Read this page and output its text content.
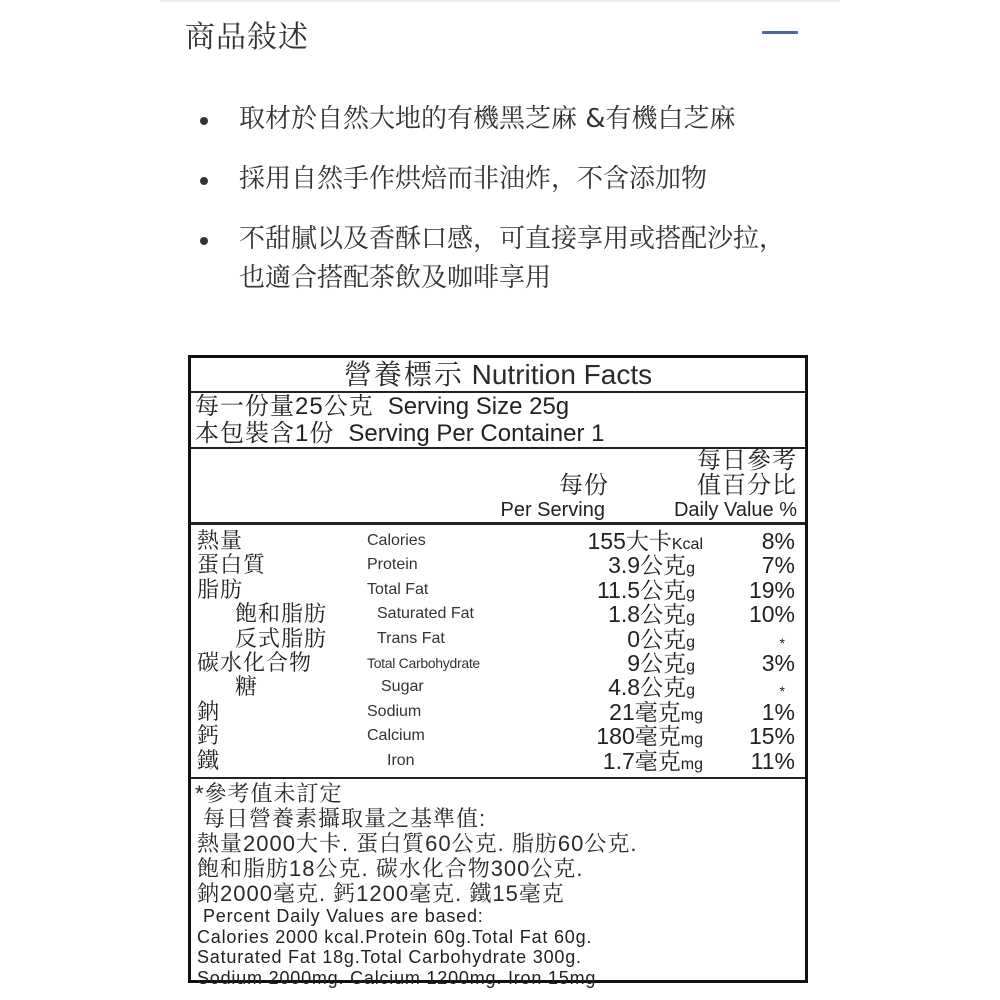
商品敍述
取材於自然大地的有機黑芝麻 &有機白芝麻
採用自然手作烘焙而非油炸，不含添加物
不甜膩以及香酥口感，可直接享用或搭配沙拉，也適合搭配茶飲及咖啡享用
營養標示 Nutrition Facts
每一份量25公克 Serving Size 25g
本包裝含1份 Serving Per Container 1
每日參考
每份	值百分比
Per Serving	Daily Value %
熱量	Calories	155大卡Kcal	8%
蛋白質	Protein	3.9公克g	7%
脂肪	Total Fat	11.5公克g 19%
飽和脂肪	Saturated Fat	1.8公克g 10%
反式脂肪	Trans Fat	0公克g	*
碳水化合物	Total Carbohydrate	9公克g	3%
糖	Sugar	4.8公克g	*
鈉	Sodium	21毫克mg	1%
鈣	Calcium	180毫克mg 15%
鐵	Iron	1.7毫克mg 11%
*參考值未訂定
每日營養素攝取量之基準值:
熱量2000大卡. 蛋白質60公克. 脂肪60公克.
飽和脂肪18公克. 碳水化合物300公克.
鈉2000毫克. 鈣1200毫克. 鐵15毫克
Percent Daily Values are based:
Calories 2000 kcal.Protein 60g.Total Fat 60g.
Saturated Fat 18g.Total Carbohydrate 300g.
Sodium 2000mg. Calcium 1200mg. Iron 15mg
